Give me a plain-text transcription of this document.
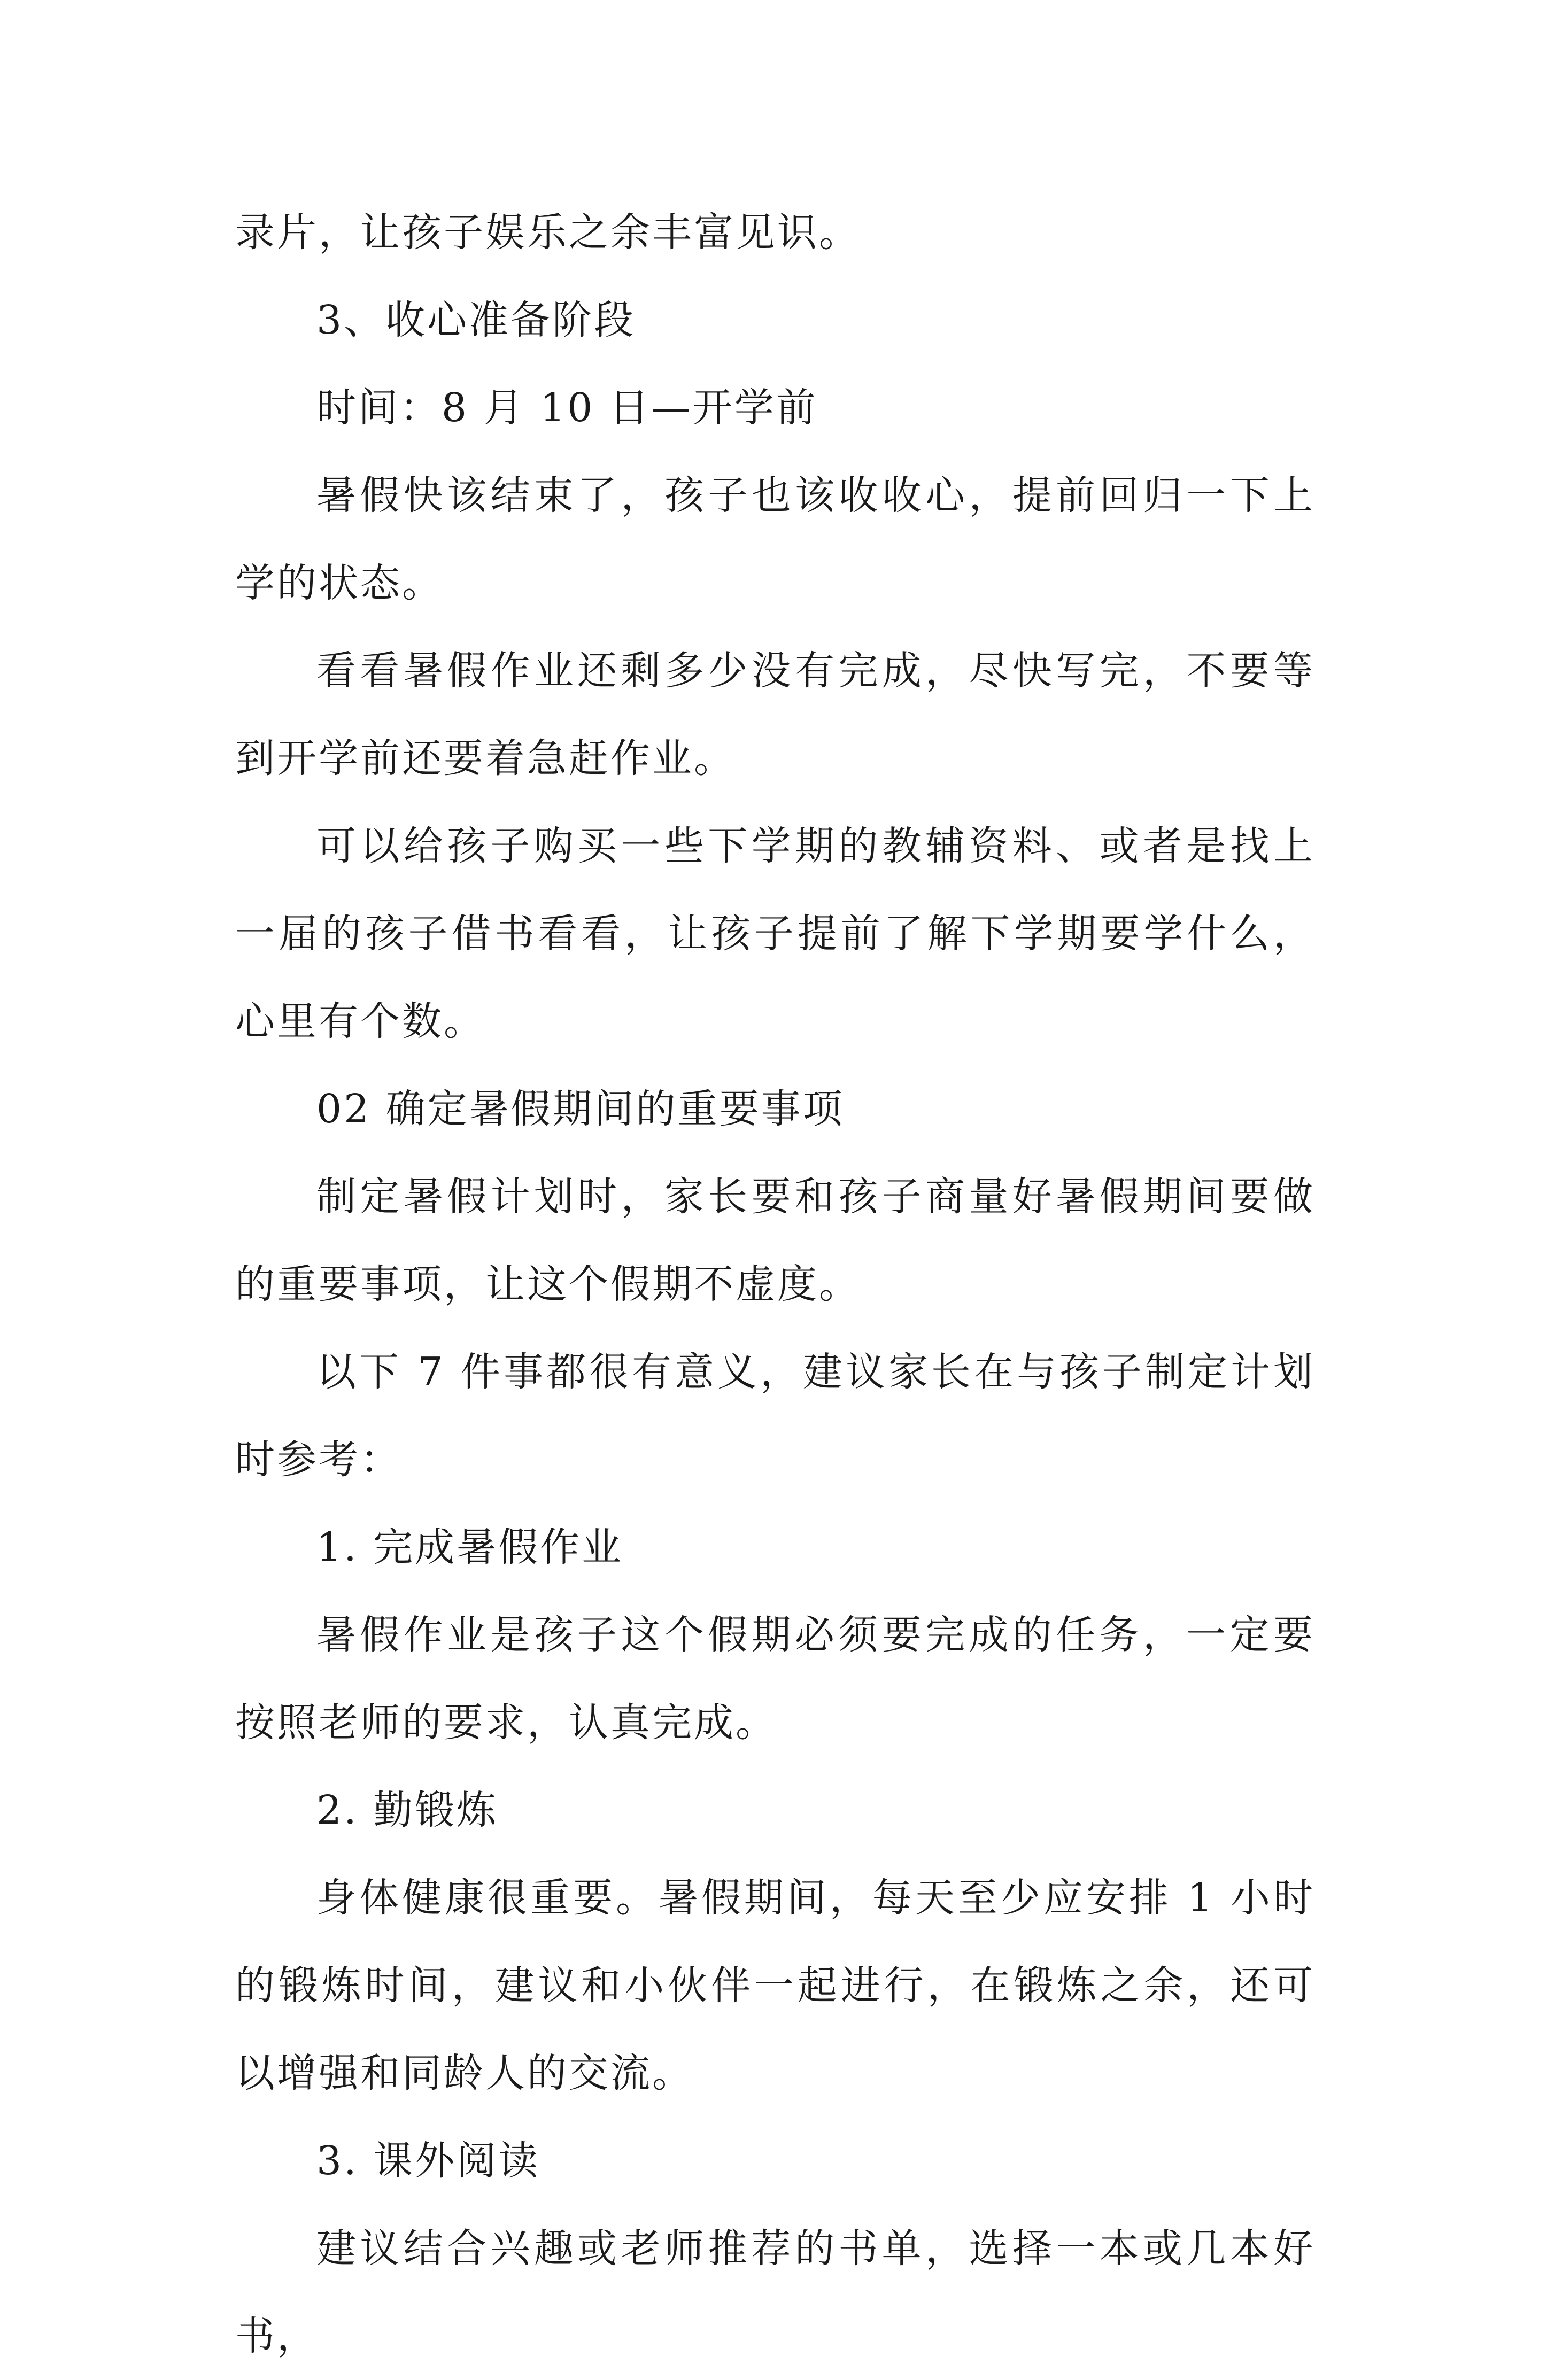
录片，让孩子娱乐之余丰富见识。

3、收心准备阶段

时间：8 月 10 日—开学前

暑假快该结束了，孩子也该收收心，提前回归一下上学的状态。

看看暑假作业还剩多少没有完成，尽快写完，不要等到开学前还要着急赶作业。

可以给孩子购买一些下学期的教辅资料、或者是找上一届的孩子借书看看，让孩子提前了解下学期要学什么，心里有个数。

02 确定暑假期间的重要事项

制定暑假计划时，家长要和孩子商量好暑假期间要做的重要事项，让这个假期不虚度。

以下 7 件事都很有意义，建议家长在与孩子制定计划时参考：

1. 完成暑假作业

暑假作业是孩子这个假期必须要完成的任务，一定要按照老师的要求，认真完成。

2. 勤锻炼

身体健康很重要。暑假期间，每天至少应安排 1 小时的锻炼时间，建议和小伙伴一起进行，在锻炼之余，还可以增强和同龄人的交流。

3. 课外阅读

建议结合兴趣或老师推荐的书单，选择一本或几本好书，
